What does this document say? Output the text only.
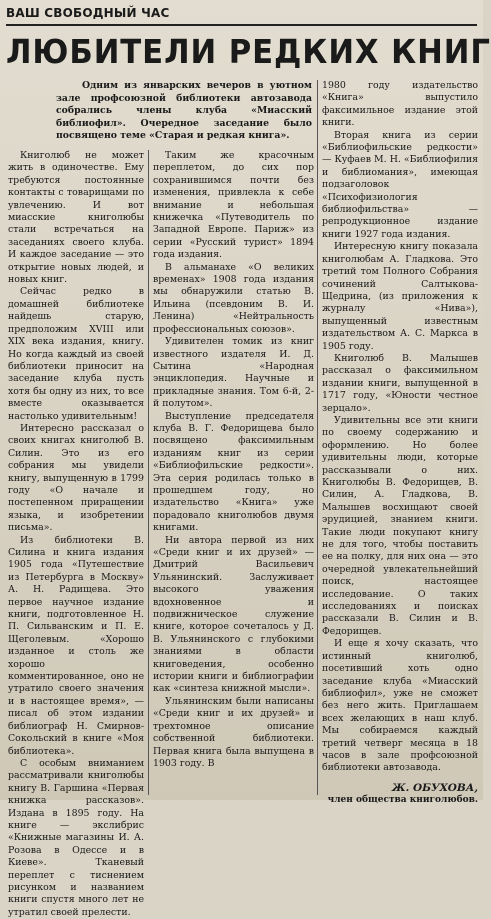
ВАШ СВОБОДНЫЙ ЧАС
ЛЮБИТЕЛИ РЕДКИХ КНИГ
Одним из январских вечеров в уютном зале профсоюзной библиотеки автозавода собрались члены клуба «Миасский библиофил». Очередное заседание было посвящено теме «Старая и редкая книга».

Книголюб не может жить в одиночестве. Ему требуются постоянные контакты с товарищами по увлечению. И вот миасские книголюбы стали встречаться на заседаниях своего клуба. И каждое заседание — это открытие новых людей, и новых книг.

Сейчас редко в домашней библиотеке найдешь старую, предположим XVIII или XIX века издания, книгу. Но когда каждый из своей библиотеки приносит на заседание клуба пусть хотя бы одну из них, то все вместе оказывается настолько удивительным!

Интересно рассказал о своих книгах книголюб В. Силин. Это из его собрания мы увидели книгу, выпущенную в 1799 году «О начале и постепенном приращении языка, и изобретении письма».

Из библиотеки В. Силина и книга издания 1905 года «Путешествие из Петербурга в Москву» А. Н. Радищева. Это первое научное издание книги, подготовленное Н. П. Сильванским и П. Е. Щеголевым. «Хорошо изданное и столь же хорошо комментированное, оно не утратило своего значения и в настоящее время», — писал об этом издании библиограф Н. Смирнов-Сокольский в книге «Моя библиотека».

С особым вниманием рассматривали книголюбы книгу В. Гаршина «Первая книжка рассказов». Издана в 1895 году. На книге — экслибрис «Книжные магазины И. А. Розова в Одессе и в Киеве». Тканевый переплет с тиснением рисунком и названием книги спустя много лет не утратил своей прелести.

Таким же красочным переплетом, до сих пор сохранившимся почти без изменения, привлекла к себе внимание и небольшая книжечка «Путеводитель по Западной Европе. Париж» из серии «Русский турист» 1894 года издания.

В альманахе «О великих временах» 1908 года издания мы обнаружили статью В. Ильина (псевдоним В. И. Ленина) «Нейтральность профессиональных союзов».

Удивителен томик из книг известного издателя И. Д. Сытина «Народная энциклопедия. Научные и прикладные знания. Том 6-й, 2-й полутом».

Выступление председателя клуба В. Г. Федорищева было посвящено факсимильным изданиям книг из серии «Библиофильские редкости». Эта серия родилась только в прошедшем году, но издательство «Книга» уже порадовало книголюбов двумя книгами.

Ни автора первой из них «Среди книг и их друзей» — Дмитрий Васильевич Ульянинский. Заслуживает высокого уважения вдохновенное и подвижническое служение книге, которое сочеталось у Д. В. Ульянинского с глубокими знаниями в области книговедения, особенно истории книги и библиографии как «синтеза книжной мысли».

Ульянинским были написаны «Среди книг и их друзей» и трехтомное описание собственной библиотеки. Первая книга была выпущена в 1903 году. В

1980 году издательство «Книга» выпустило факсимильное издание этой книги.

Вторая книга из серии «Библиофильские редкости» — Куфаев М. Н. «Библиофилия и библиомания», имеющая подзаголовок «Психофизиология библиофильства» — репродукционное издание книги 1927 года издания.

Интересную книгу показала книголюбам А. Гладкова. Это третий том Полного Собрания сочинений Салтыкова-Щедрина, (из приложения к журналу «Нива»), выпущенный известным издательством А. С. Маркса в 1905 году.

Книголюб В. Малышев рассказал о факсимильном издании книги, выпущенной в 1717 году, «Юности честное зерцало».

Удивительны все эти книги по своему содержанию и оформлению. Но более удивительны люди, которые рассказывали о них. Книголюбы В. Федорищев, В. Силин, А. Гладкова, В. Малышев восхищают своей эрудицией, знанием книги. Такие люди покупают книгу не для того, чтобы поставить ее на полку, для них она — это очередной увлекательнейший поиск, настоящее исследование. О таких исследованиях и поисках рассказали В. Силин и В. Федорищев.

И еще я хочу сказать, что истинный книголюб, посетивший хоть одно заседание клуба «Миасский библиофил», уже не сможет без него жить. Приглашаем всех желающих в наш клуб. Мы собираемся каждый третий четверг месяца в 18 часов в зале профсоюзной библиотеки автозавода.

Ж. ОБУХОВА,
член общества книголюбов.
